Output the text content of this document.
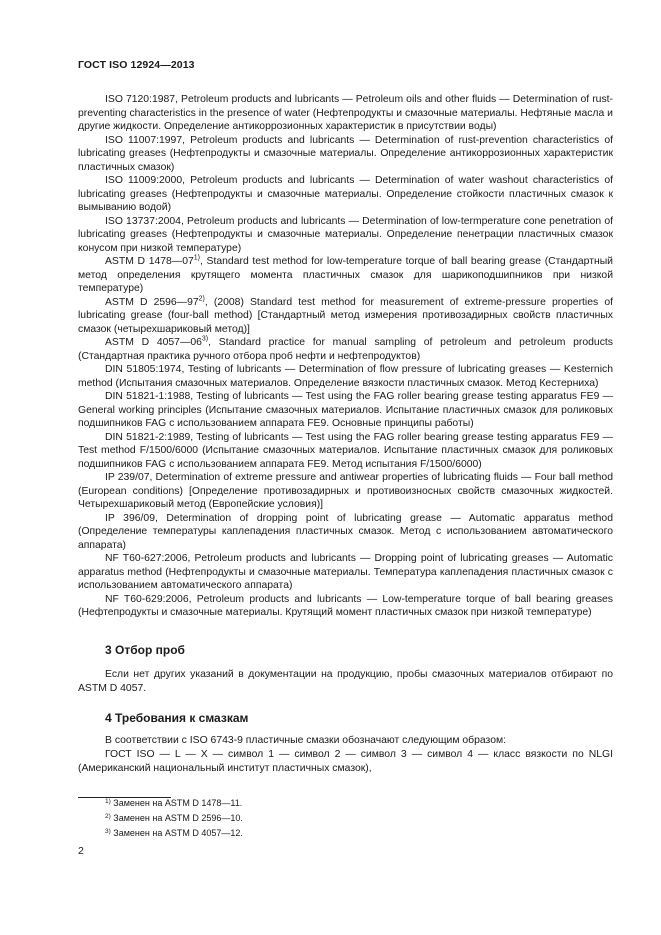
ГОСТ ISO 12924—2013

ISO 7120:1987, Petroleum products and lubricants — Petroleum oils and other fluids — Determination of rust-preventing characteristics in the presence of water (Нефтепродукты и смазочные материалы. Нефтяные масла и другие жидкости. Определение антикоррозионных характеристик в присутствии воды)

ISO 11007:1997, Petroleum products and lubricants — Determination of rust-prevention characteristics of lubricating greases (Нефтепродукты и смазочные материалы. Определение антикоррозионных характеристик пластичных смазок)

ISO 11009:2000, Petroleum products and lubricants — Determination of water washout characteristics of lubricating greases (Нефтепродукты и смазочные материалы. Определение стойкости пластичных смазок к вымыванию водой)

ISO 13737:2004, Petroleum products and lubricants — Determination of low-termperature cone penetration of lubricating greases (Нефтепродукты и смазочные материалы. Определение пенетрации пластичных смазок конусом при низкой температуре)

ASTM D 1478—07$^{1)}$, Standard test method for low-temperature torque of ball bearing grease (Стандартный метод определения крутящего момента пластичных смазок для шарикоподшипников при низкой температуре)

ASTM D 2596—97$^{2)}$, (2008) Standard test method for measurement of extreme-pressure properties of lubricating grease (four-ball method) [Стандартный метод измерения противозадирных свойств пластичных смазок (четырехшариковый метод)]

ASTM D 4057—06$^{3)}$, Standard practice for manual sampling of petroleum and petroleum products (Стандартная практика ручного отбора проб нефти и нефтепродуктов)

DIN 51805:1974, Testing of lubricants — Determination of flow pressure of lubricating greases — Kesternich method (Испытания смазочных материалов. Определение вязкости пластичных смазок. Метод Кестерниха)

DIN 51821-1:1988, Testing of lubricants — Test using the FAG roller bearing grease testing apparatus FE9 — General working principles (Испытание смазочных материалов. Испытание пластичных смазок для роликовых подшипников FAG с использованием аппарата FE9. Основные принципы работы)

DIN 51821-2:1989, Testing of lubricants — Test using the FAG roller bearing grease testing apparatus FE9 — Test method F/1500/6000 (Испытание смазочных материалов. Испытание пластичных смазок для роликовых подшипников FAG с использованием аппарата FE9. Метод испытания F/1500/6000)

IP 239/07, Determination of extreme pressure and antiwear properties of lubricating fluids — Four ball method (European conditions) [Определение противозадирных и противоизносных свойств смазочных жидкостей. Четырехшариковый метод (Европейские условия)]

IP 396/09, Determination of dropping point of lubricating grease — Automatic apparatus method (Определение температуры каплепадения пластичных смазок. Метод с использованием автоматического аппарата)

NF T60-627:2006, Petroleum products and lubricants — Dropping point of lubricating greases — Automatic apparatus method (Нефтепродукты и смазочные материалы. Температура каплепадения пластичных смазок с использованием автоматического аппарата)

NF T60-629:2006, Petroleum products and lubricants — Low-temperature torque of ball bearing greases (Нефтепродукты и смазочные материалы. Крутящий момент пластичных смазок при низкой температуре)

3 Отбор проб

Если нет других указаний в документации на продукцию, пробы смазочных материалов отбирают по ASTM D 4057.

4 Требования к смазкам

В соответствии с ISO 6743-9 пластичные смазки обозначают следующим образом:

ГОСТ ISO — L — X — символ 1 — символ 2 — символ 3 — символ 4 — класс вязкости по NLGI (Американский национальный институт пластичных смазок),

$^{1)}$ Заменен на ASTM D 1478—11.
$^{2)}$ Заменен на ASTM D 2596—10.
$^{3)}$ Заменен на ASTM D 4057—12.
2
